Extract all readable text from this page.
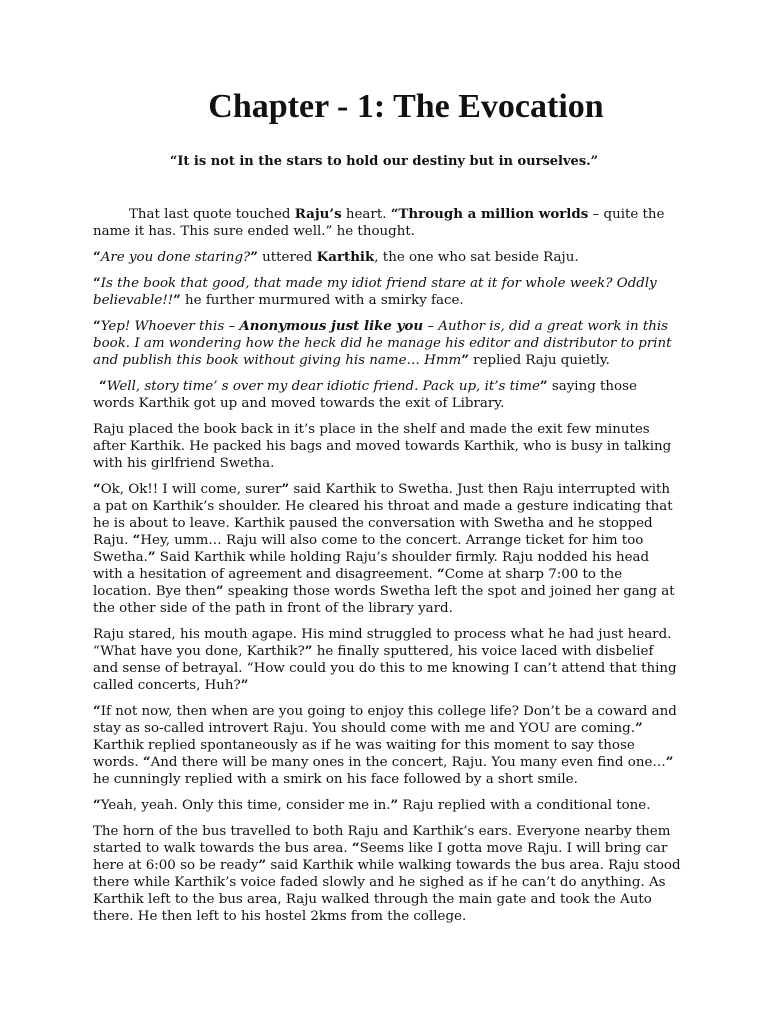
Chapter - 1: The Evocation

“It is not in the stars to hold our destiny but in ourselves.”

That last quote touched Raju’s heart. “Through a million worlds – quite the name it has. This sure ended well.” he thought.

“Are you done staring?” uttered Karthik, the one who sat beside Raju.

“Is the book that good, that made my idiot friend stare at it for whole week? Oddly believable!!” he further murmured with a smirky face.

“Yep! Whoever this – Anonymous just like you – Author is, did a great work in this book. I am wondering how the heck did he manage his editor and distributor to print and publish this book without giving his name… Hmm” replied Raju quietly.

“Well, story time’ s over my dear idiotic friend. Pack up, it’s time” saying those words Karthik got up and moved towards the exit of Library.

Raju placed the book back in it’s place in the shelf and made the exit few minutes after Karthik. He packed his bags and moved towards Karthik, who is busy in talking with his girlfriend Swetha.

“Ok, Ok!! I will come, surer” said Karthik to Swetha. Just then Raju interrupted with a pat on Karthik’s shoulder. He cleared his throat and made a gesture indicating that he is about to leave. Karthik paused the conversation with Swetha and he stopped Raju. “Hey, umm… Raju will also come to the concert. Arrange ticket for him too Swetha.” Said Karthik while holding Raju’s shoulder firmly. Raju nodded his head with a hesitation of agreement and disagreement. “Come at sharp 7:00 to the location. Bye then” speaking those words Swetha left the spot and joined her gang at the other side of the path in front of the library yard.

Raju stared, his mouth agape. His mind struggled to process what he had just heard. “What have you done, Karthik?” he finally sputtered, his voice laced with disbelief and sense of betrayal. “How could you do this to me knowing I can’t attend that thing called concerts, Huh?”

“If not now, then when are you going to enjoy this college life? Don’t be a coward and stay as so-called introvert Raju. You should come with me and YOU are coming.” Karthik replied spontaneously as if he was waiting for this moment to say those words. “And there will be many ones in the concert, Raju. You many even find one…” he cunningly replied with a smirk on his face followed by a short smile.

“Yeah, yeah. Only this time, consider me in.” Raju replied with a conditional tone.

The horn of the bus travelled to both Raju and Karthik’s ears. Everyone nearby them started to walk towards the bus area. “Seems like I gotta move Raju. I will bring car here at 6:00 so be ready” said Karthik while walking towards the bus area. Raju stood there while Karthik’s voice faded slowly and he sighed as if he can’t do anything. As Karthik left to the bus area, Raju walked through the main gate and took the Auto there. He then left to his hostel 2kms from the college.
